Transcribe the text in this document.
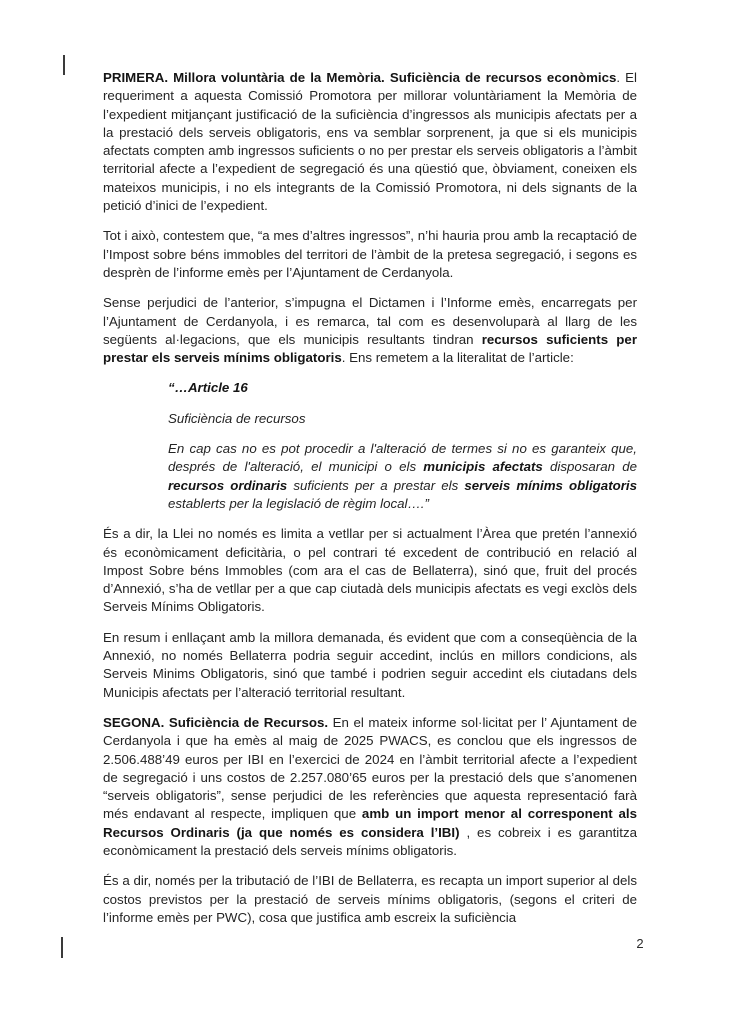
PRIMERA. Millora voluntària de la Memòria. Suficiència de recursos econòmics. El requeriment a aquesta Comissió Promotora per millorar voluntàriament la Memòria de l’expedient mitjançant justificació de la suficiència d’ingressos als municipis afectats per a la prestació dels serveis obligatoris, ens va semblar sorprenent, ja que si els municipis afectats compten amb ingressos suficients o no per prestar els serveis obligatoris a l’àmbit territorial afecte a l’expedient de segregació és una qüestió que, òbviament, coneixen els mateixos municipis, i no els integrants de la Comissió Promotora, ni dels signants de la petició d’inici de l’expedient.

Tot i això, contestem que, “a mes d’altres ingressos”, n’hi hauria prou amb la recaptació de l’Impost sobre béns immobles del territori de l’àmbit de la pretesa segregació, i segons es desprèn de l’informe emès per l’Ajuntament de Cerdanyola.

Sense perjudici de l’anterior, s’impugna el Dictamen i l’Informe emès, encarregats per l’Ajuntament de Cerdanyola, i es remarca, tal com es desenvoluparà al llarg de les següents al·legacions, que els municipis resultants tindran recursos suficients per prestar els serveis mínims obligatoris. Ens remetem a la literalitat de l’article:

“…Article 16

Suficiència de recursos

En cap cas no es pot procedir a l'alteració de termes si no es garanteix que, després de l'alteració, el municipi o els municipis afectats disposaran de recursos ordinaris suficients per a prestar els serveis mínims obligatoris establerts per la legislació de règim local….”

És a dir, la Llei no només es limita a vetllar per si actualment l’Àrea que pretén l’annexió és econòmicament deficitària, o pel contrari té excedent de contribució en relació al Impost Sobre béns Immobles (com ara el cas de Bellaterra), sinó que, fruit del procés d’Annexió, s’ha de vetllar per a que cap ciutadà dels municipis afectats es vegi exclòs dels Serveis Mínims Obligatoris.

En resum i enllaçant amb la millora demanada, és evident que com a conseqüència de la Annexió, no només Bellaterra podria seguir accedint, inclús en millors condicions, als Serveis Minims Obligatoris, sinó que també i podrien seguir accedint els ciutadans dels Municipis afectats per l’alteració territorial resultant.

SEGONA. Suficiència de Recursos. En el mateix informe sol·licitat per l’ Ajuntament de Cerdanyola i que ha emès al maig de 2025 PWACS, es conclou que els ingressos de 2.506.488’49 euros per IBI en l’exercici de 2024 en l’àmbit territorial afecte a l’expedient de segregació i uns costos de 2.257.080’65 euros per la prestació dels que s’anomenen “serveis obligatoris”, sense perjudici de les referències que aquesta representació farà més endavant al respecte, impliquen que amb un import menor al corresponent als Recursos Ordinaris (ja que només es considera l’IBI) , es cobreix i es garantitza econòmicament la prestació dels serveis mínims obligatoris.

És a dir, només per la tributació de l’IBI de Bellaterra, es recapta un import superior al dels costos previstos per la prestació de serveis mínims obligatoris, (segons el criteri de l’informe emès per PWC), cosa que justifica amb escreix la suficiència

2
